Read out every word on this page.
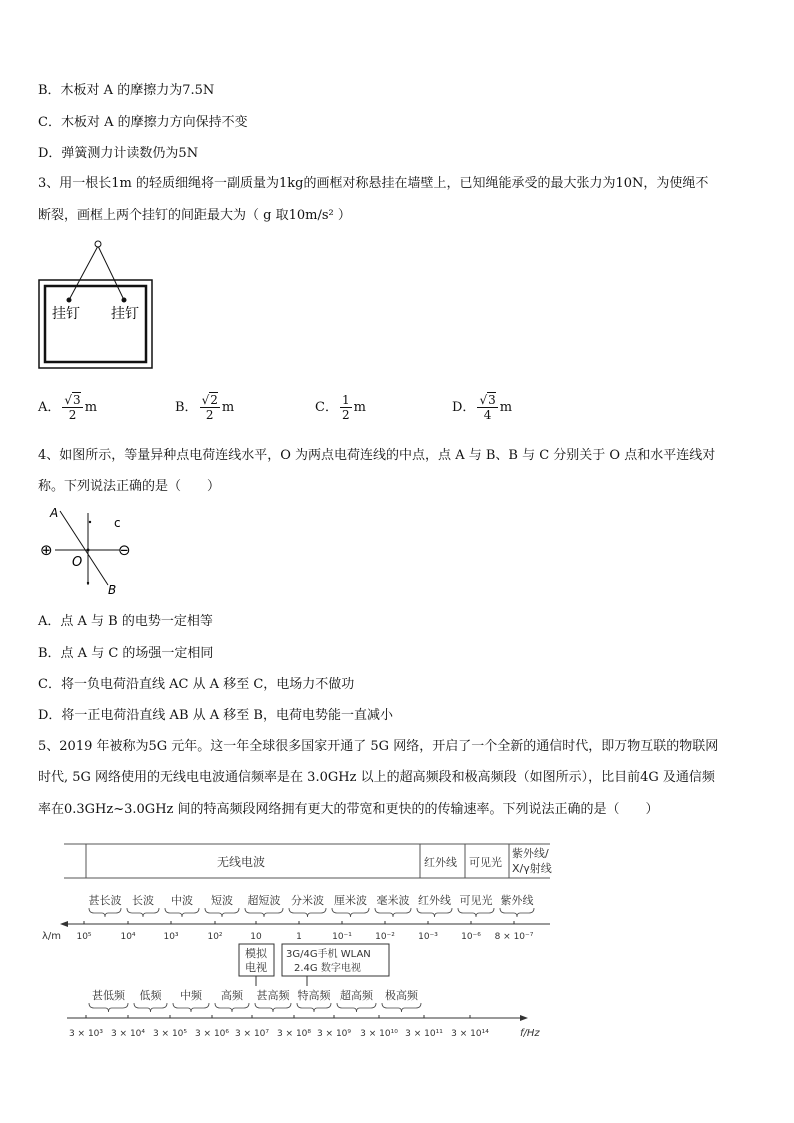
B．木板对 A 的摩擦力为7.5N
C．木板对 A 的摩擦力方向保持不变
D．弹簧测力计读数仍为5N
3、用一根长1m 的轻质细绳将一副质量为1kg的画框对称悬挂在墙壁上，已知绳能承受的最大张力为10N，为使绳不
断裂，画框上两个挂钉的间距最大为（ g 取10m/s² ）
挂钉 挂钉
A． $\frac{√3}{2}$ m	B． $\frac{√2}{2}$ m	C． $\frac{1}{2}$ m	D． $\frac{√3}{4}$ m
4、如图所示，等量异种点电荷连线水平，O 为两点电荷连线的中点，点 A 与 B、B 与 C 分别关于 O 点和水平连线对
称。下列说法正确的是（　　）
⊕	⊖
A
c
O
B
A．点 A 与 B 的电势一定相等
B．点 A 与 C 的场强一定相同
C．将一负电荷沿直线 AC 从 A 移至 C，电场力不做功
D．将一正电荷沿直线 AB 从 A 移至 B，电荷电势能一直减小
5、2019 年被称为5G 元年。这一年全球很多国家开通了 5G 网络，开启了一个全新的通信时代，即万物互联的物联网
时代, 5G 网络使用的无线电电波通信频率是在 3.0GHz 以上的超高频段和极高频段（如图所示），比目前4G 及通信频
率在0.3GHz~3.0GHz 间的特高频段网络拥有更大的带宽和更快的的传输速率。下列说法正确的是（　　）
无线电波	红外线 可见光
紫外线/
X/γ射线
甚长波 长波 中波 短波 超短波 分米波 厘米波 毫米波 红外线 可见光 紫外线
λ/m 10⁵	10⁴	10³	10²	10	1	10⁻¹	10⁻²	10⁻³	10⁻⁶ 8 × 10⁻⁷
模拟
电视
3G/4G手机 WLAN
2.4G 数字电视
甚低频 低频 中频 高频 甚高频 特高频 超高频 极高频
f/Hz
3 × 10³ 3 × 10⁴ 3 × 10⁵ 3 × 10⁶ 3 × 10⁷ 3 × 10⁸ 3 × 10⁹ 3 × 10¹⁰ 3 × 10¹¹ 3 × 10¹⁴
